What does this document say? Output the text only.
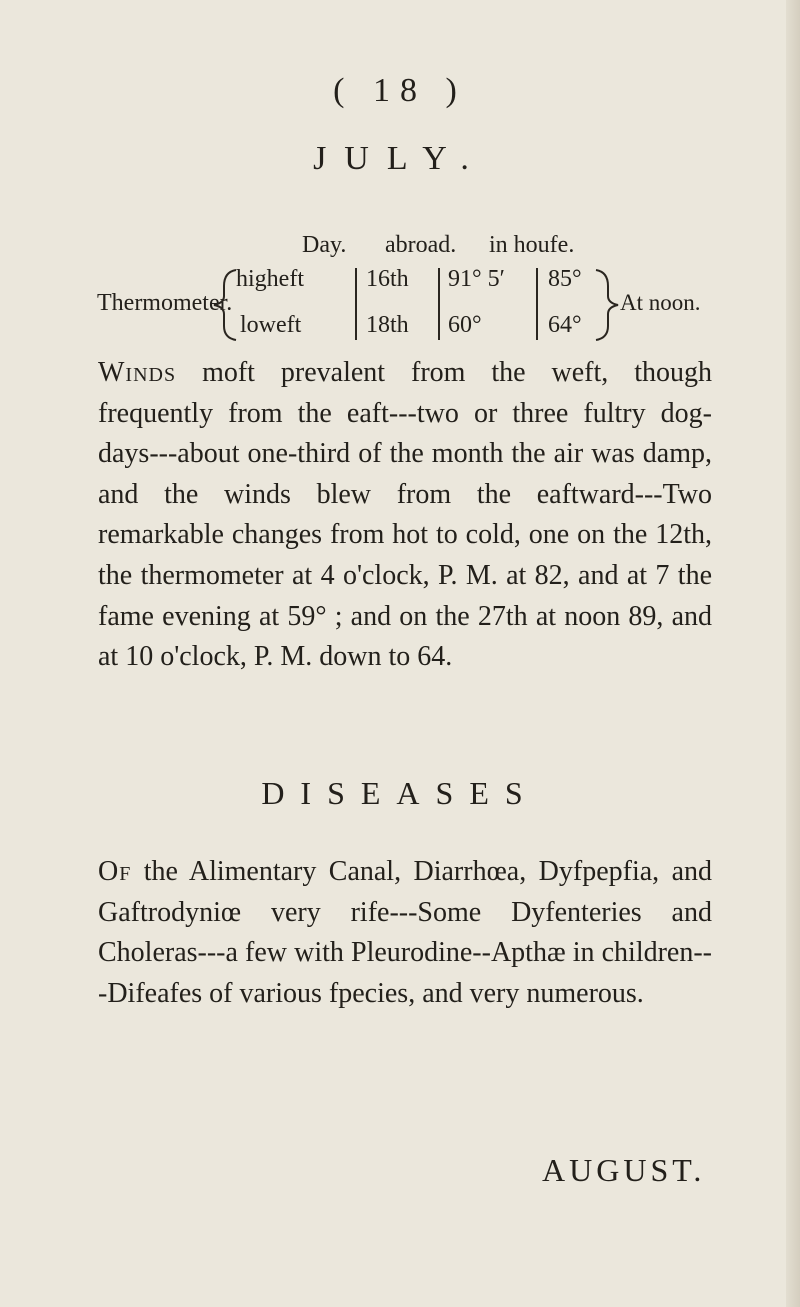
( 18 )
JULY.
Day. abroad. in houfe.
Thermometer.
higheft
loweft
16th
18th
91° 5′
60°
85°
64°
At noon.

Winds moft prevalent from the weft, though frequently from the eaft---two or three fultry dog-days---about one-third of the month the air was damp, and the winds blew from the eaftward---Two remarkable changes from hot to cold, one on the 12th, the thermometer at 4 o'clock, P. M. at 82, and at 7 the fame evening at 59° ; and on the 27th at noon 89, and at 10 o'clock, P. M. down to 64.

DISEASES

Of the Alimentary Canal, Diarrhœa, Dyfpepfia, and Gaftrodyniœ very rife---Some Dyfenteries and Choleras---a few with Pleurodine--Apthæ in children---Difeafes of various fpecies, and very numerous.

AUGUST.
